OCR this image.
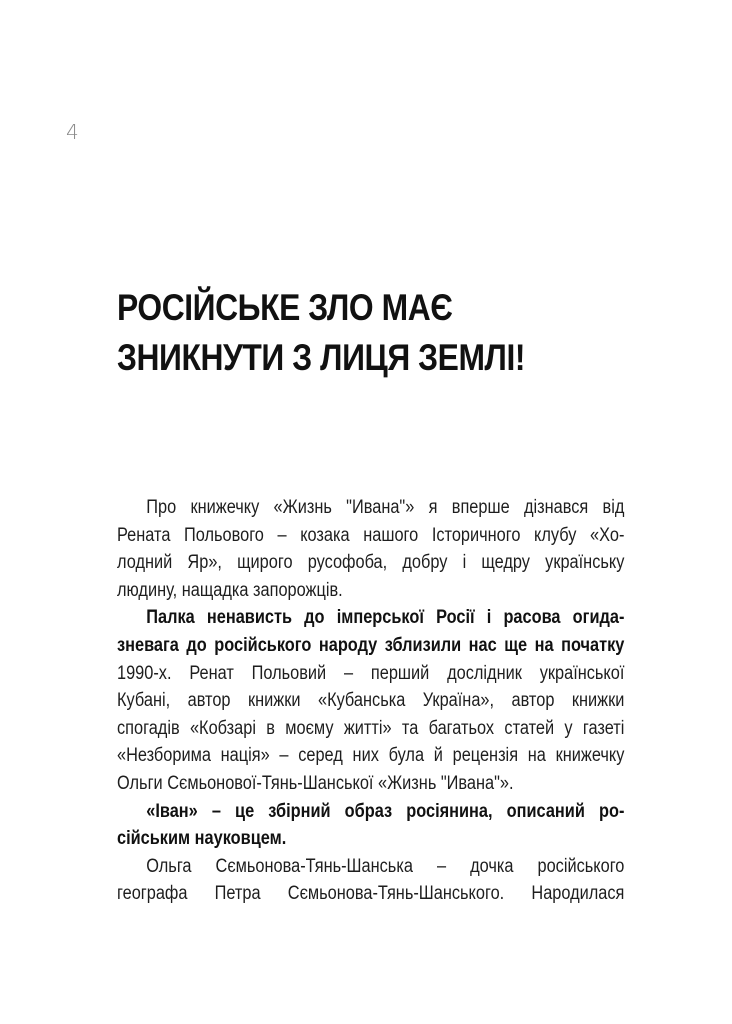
4
РОСІЙСЬКЕ ЗЛО МАЄ
ЗНИКНУТИ З ЛИЦЯ ЗЕМЛІ!
Про книжечку «Жизнь "Ивана"» я вперше дізнався від
Рената Польового – козака нашого Історичного клубу «Хо-
лодний Яр», щирого русофоба, добру і щедру українську
людину, нащадка запорожців.
Палка ненависть до імперської Росії і расова огида-
зневага до російського народу зблизили нас ще на початку
1990-х. Ренат Польовий – перший дослідник української
Кубані, автор книжки «Кубанська Україна», автор книжки
спогадів «Кобзарі в моєму житті» та багатьох статей у газеті
«Незборима нація» – серед них була й рецензія на книжечку
Ольги Сємьонової-Тянь-Шанської «Жизнь "Ивана"».
«Іван» – це збірний образ росіянина, описаний ро-
сійським науковцем.
Ольга Сємьонова-Тянь-Шанська – дочка російського
географа Петра Сємьонова-Тянь-Шанського. Народилася
